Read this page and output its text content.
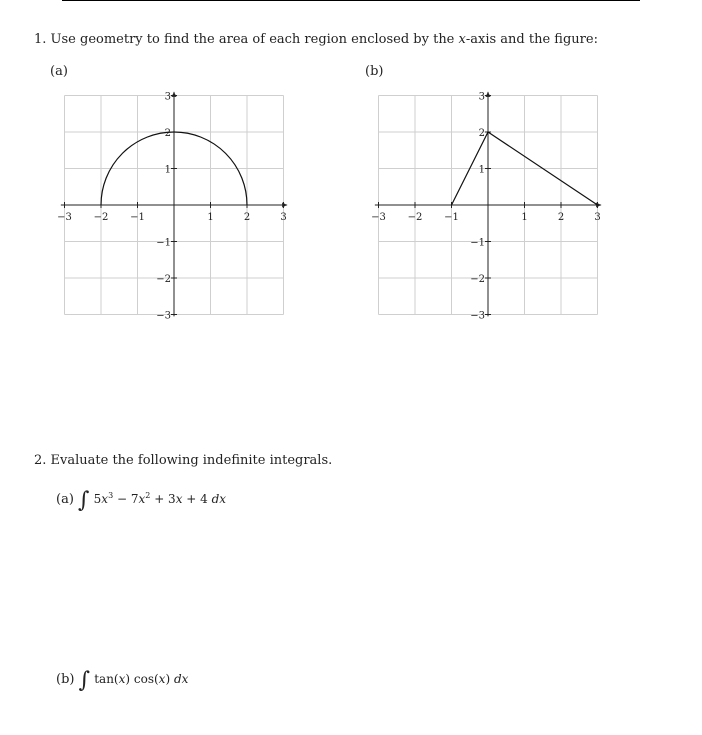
1. Use geometry to find the area of each region enclosed by the x-axis and the figure:
(a)	(b)
−3 −2 −1	1	2	3
3
2
1
−1
−2
−3
−3 −2 −1	1	2	3
3
2
1
−1
−2
−3
2. Evaluate the following indefinite integrals.
(a) ∫ $5x^3 - 7x^2 + 3x + 4$ dx
(b) ∫ tan(x) cos(x) dx
